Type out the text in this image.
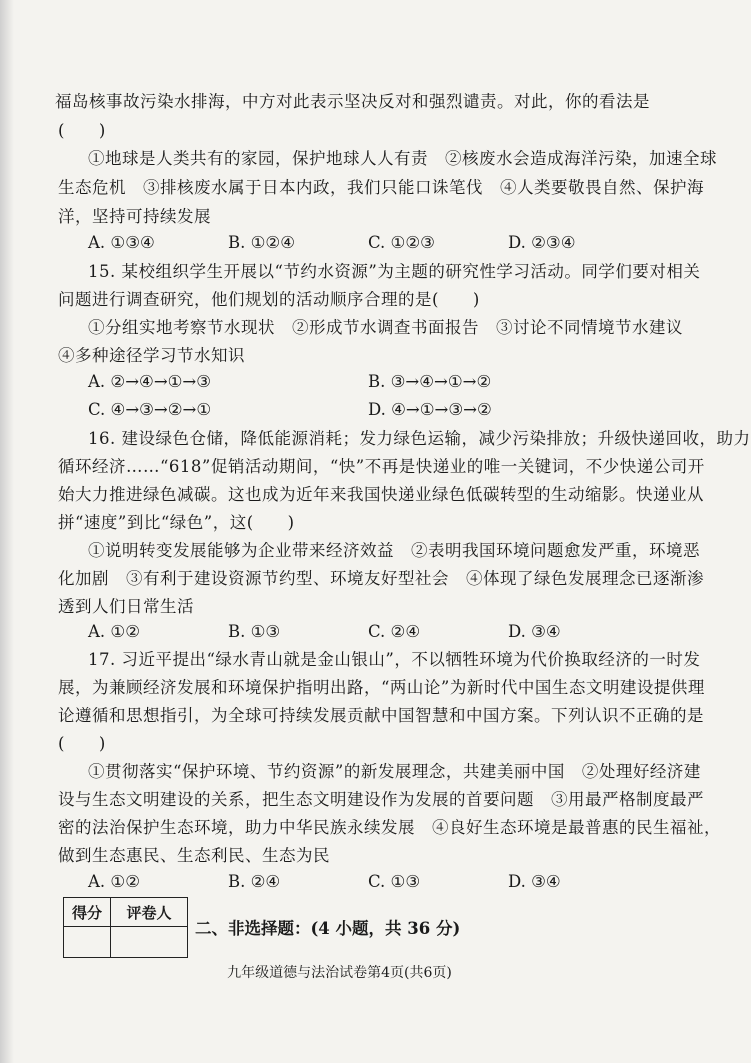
福岛核事故污染水排海，中方对此表示坚决反对和强烈谴责。对此，你的看法是
(　　)
①地球是人类共有的家园，保护地球人人有责　②核废水会造成海洋污染，加速全球
生态危机　③排核废水属于日本内政，我们只能口诛笔伐　④人类要敬畏自然、保护海
洋，坚持可持续发展
A. ①③④	B. ①②④	C. ①②③	D. ②③④
15. 某校组织学生开展以“节约水资源”为主题的研究性学习活动。同学们要对相关
问题进行调查研究，他们规划的活动顺序合理的是(　　)
①分组实地考察节水现状　②形成节水调查书面报告　③讨论不同情境节水建议
④多种途径学习节水知识
A. ②→④→①→③	B. ③→④→①→②
C. ④→③→②→①	D. ④→①→③→②
16. 建设绿色仓储，降低能源消耗；发力绿色运输，减少污染排放；升级快递回收，助力
循环经济……“618”促销活动期间，“快”不再是快递业的唯一关键词，不少快递公司开
始大力推进绿色减碳。这也成为近年来我国快递业绿色低碳转型的生动缩影。快递业从
拼“速度”到比“绿色”，这(　　)
①说明转变发展能够为企业带来经济效益　②表明我国环境问题愈发严重，环境恶
化加剧　③有利于建设资源节约型、环境友好型社会　④体现了绿色发展理念已逐渐渗
透到人们日常生活
A. ①②	B. ①③	C. ②④	D. ③④
17. 习近平提出“绿水青山就是金山银山”，不以牺牲环境为代价换取经济的一时发
展，为兼顾经济发展和环境保护指明出路，“两山论”为新时代中国生态文明建设提供理
论遵循和思想指引，为全球可持续发展贡献中国智慧和中国方案。下列认识不正确的是
(　　)
①贯彻落实“保护环境、节约资源”的新发展理念，共建美丽中国　②处理好经济建
设与生态文明建设的关系，把生态文明建设作为发展的首要问题　③用最严格制度最严
密的法治保护生态环境，助力中华民族永续发展　④良好生态环境是最普惠的民生福祉，
做到生态惠民、生态利民、生态为民
A. ①②	B. ②④	C. ①③	D. ③④
得分	评卷人

二、非选择题：(4 小题，共 36 分)
九年级道德与法治试卷第4页(共6页)
